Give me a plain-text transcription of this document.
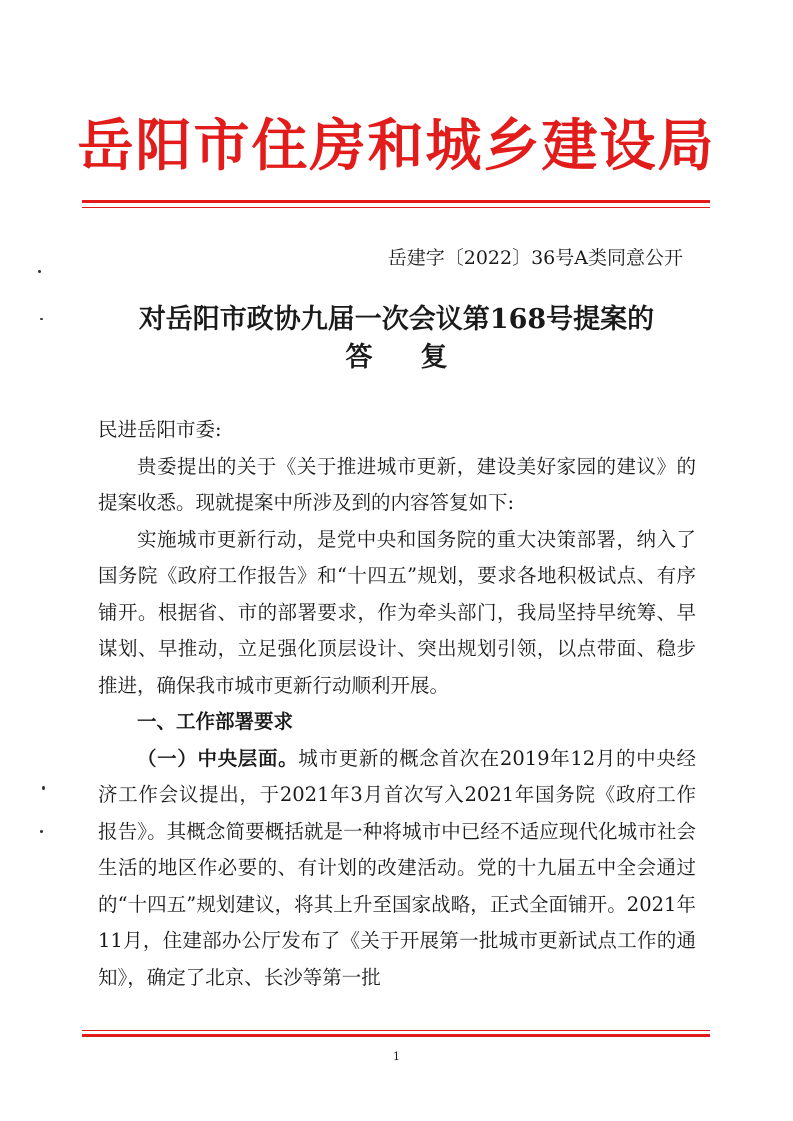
岳阳市住房和城乡建设局
岳建字〔2022〕36号A类同意公开
对岳阳市政协九届一次会议第168号提案的
答复

民进岳阳市委:

贵委提出的关于《关于推进城市更新，建设美好家园的建议》的提案收悉。现就提案中所涉及到的内容答复如下:

实施城市更新行动，是党中央和国务院的重大决策部署，纳入了国务院《政府工作报告》和“十四五”规划，要求各地积极试点、有序铺开。根据省、市的部署要求，作为牵头部门，我局坚持早统筹、早谋划、早推动，立足强化顶层设计、突出规划引领，以点带面、稳步推进，确保我市城市更新行动顺利开展。

一、工作部署要求

（一）中央层面。城市更新的概念首次在2019年12月的中央经济工作会议提出，于2021年3月首次写入2021年国务院《政府工作报告》。其概念简要概括就是一种将城市中已经不适应现代化城市社会生活的地区作必要的、有计划的改建活动。党的十九届五中全会通过的“十四五”规划建议，将其上升至国家战略，正式全面铺开。2021年11月，住建部办公厅发布了《关于开展第一批城市更新试点工作的通知》，确定了北京、长沙等第一批

1
